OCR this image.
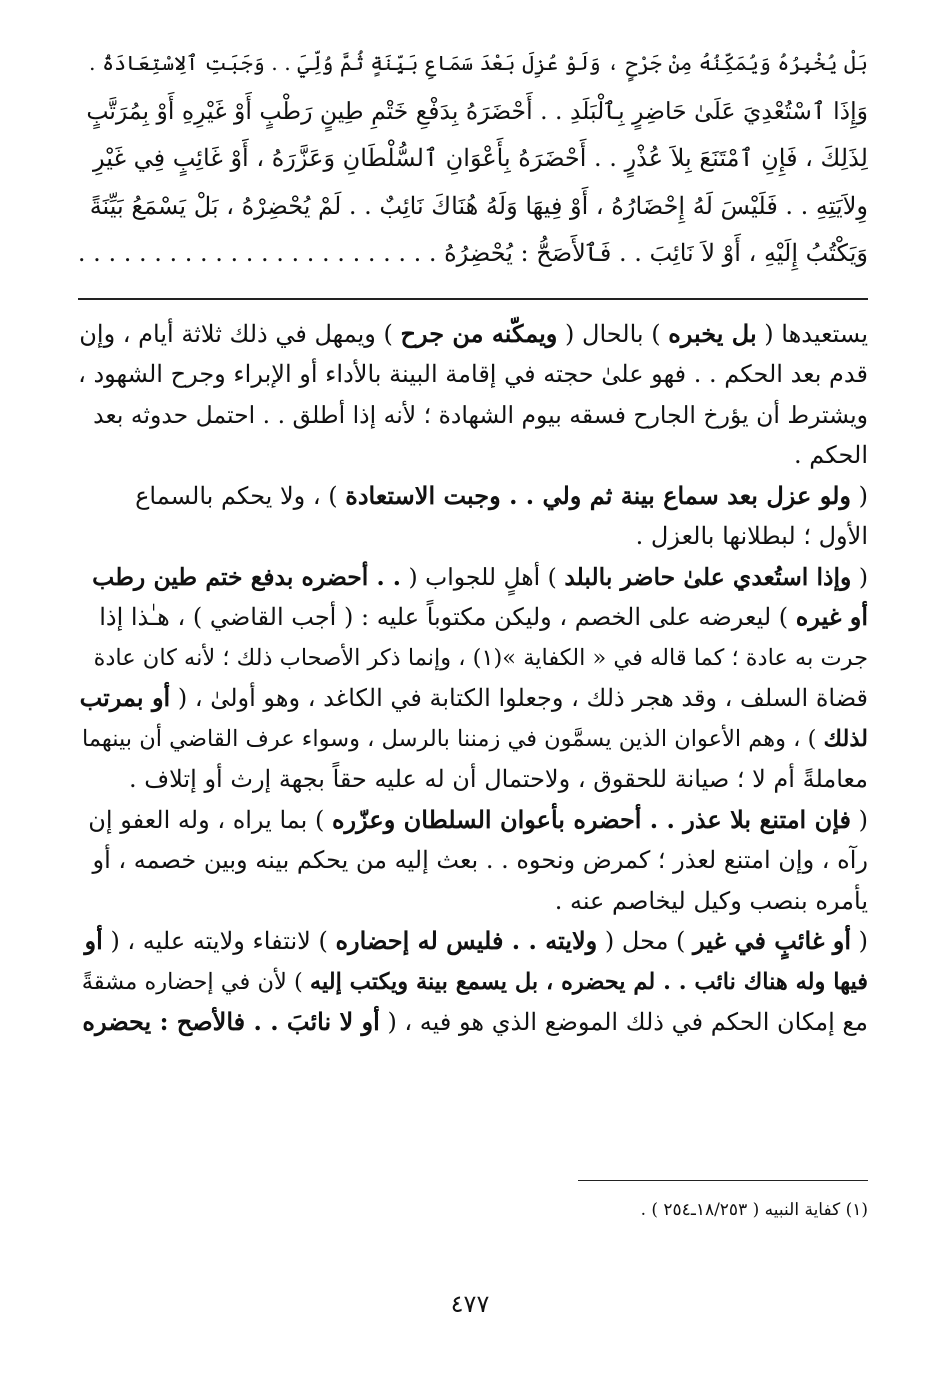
بَلْ يُخْبِرُهُ وَيُمَكِّنُهُ مِنْ جَرْحٍ ، وَلَوْ عُزِلَ بَعْدَ سَمَاعِ بَيِّنَةٍ ثُمَّ وُلِّيَ . . وَجَبَتِ ٱلِاسْتِعَادَةُ .
وَإِذَا ٱسْتُعْدِيَ عَلَىٰ حَاضِرٍ بِٱلْبَلَدِ . . أَحْضَرَهُ بِدَفْعِ خَتْمِ طِينٍ رَطْبٍ أَوْ غَيْرِهِ أَوْ بِمُرَتَّبٍ
لِذَلِكَ ، فَإِنِ ٱمْتَنَعَ بِلاَ عُذْرٍ . . أَحْضَرَهُ بِأَعْوَانِ ٱلسُّلْطَانِ وَعَزَّرَهُ ، أَوْ غَائِبٍ فِي غَيْرِ
وِلاَيَتِهِ . . فَلَيْسَ لَهُ إِحْضَارُهُ ، أَوْ فِيهَا وَلَهُ هُنَاكَ نَائِبٌ . . لَمْ يُحْضِرْهُ ، بَلْ يَسْمَعُ بَيِّنَةً
وَيَكْتُبُ إِلَيْهِ ، أَوْ لاَ نَائِبَ . . فَٱلأَصَحُّ : يُحْضِرُهُ . . . . . . . . . . . . . . . . . . . . . . . .
يستعيدها ( بل يخبره ) بالحال ( ويمكّنه من جرح ) ويمهل في ذلك ثلاثة أيام ، وإن
قدم بعد الحكم . . فهو علىٰ حجته في إقامة البينة بالأداء أو الإبراء وجرح الشهود ،
ويشترط أن يؤرخ الجارح فسقه بيوم الشهادة ؛ لأنه إذا أطلق . . احتمل حدوثه بعد
الحكم .
( ولو عزل بعد سماع بينة ثم ولي . . وجبت الاستعادة ) ، ولا يحكم بالسماع
الأول ؛ لبطلانها بالعزل .
( وإذا استُعدي علىٰ حاضر بالبلد ) أهلٍ للجواب ( . . أحضره بدفع ختم طين رطب
أو غيره ) ليعرضه على الخصم ، وليكن مكتوباً عليه : ( أجب القاضي ) ، هـٰذا إذا
جرت به عادة ؛ كما قاله في « الكفاية »(١) ، وإنما ذكر الأصحاب ذلك ؛ لأنه كان عادة
قضاة السلف ، وقد هجر ذلك ، وجعلوا الكتابة في الكاغد ، وهو أولىٰ ، ( أو بمرتب
لذلك ) ، وهم الأعوان الذين يسمَّون في زمننا بالرسل ، وسواء عرف القاضي أن بينهما
معاملةً أم لا ؛ صيانة للحقوق ، ولاحتمال أن له عليه حقاً بجهة إرث أو إتلاف .
( فإن امتنع بلا عذر . . أحضره بأعوان السلطان وعزّره ) بما يراه ، وله العفو إن
رآه ، وإن امتنع لعذر ؛ كمرض ونحوه . . بعث إليه من يحكم بينه وبين خصمه ، أو
يأمره بنصب وكيل ليخاصم عنه .
( أو غائبٍ في غير ) محل ( ولايته . . فليس له إحضاره ) لانتفاء ولايته عليه ، ( أو
فيها وله هناك نائب . . لم يحضره ، بل يسمع بينة ويكتب إليه ) لأن في إحضاره مشقةً
مع إمكان الحكم في ذلك الموضع الذي هو فيه ، ( أو لا نائبَ . . فالأصح : يحضره
(١) كفاية النبيه ( ١٨/٢٥٣ـ٢٥٤ ) .
٤٧٧
